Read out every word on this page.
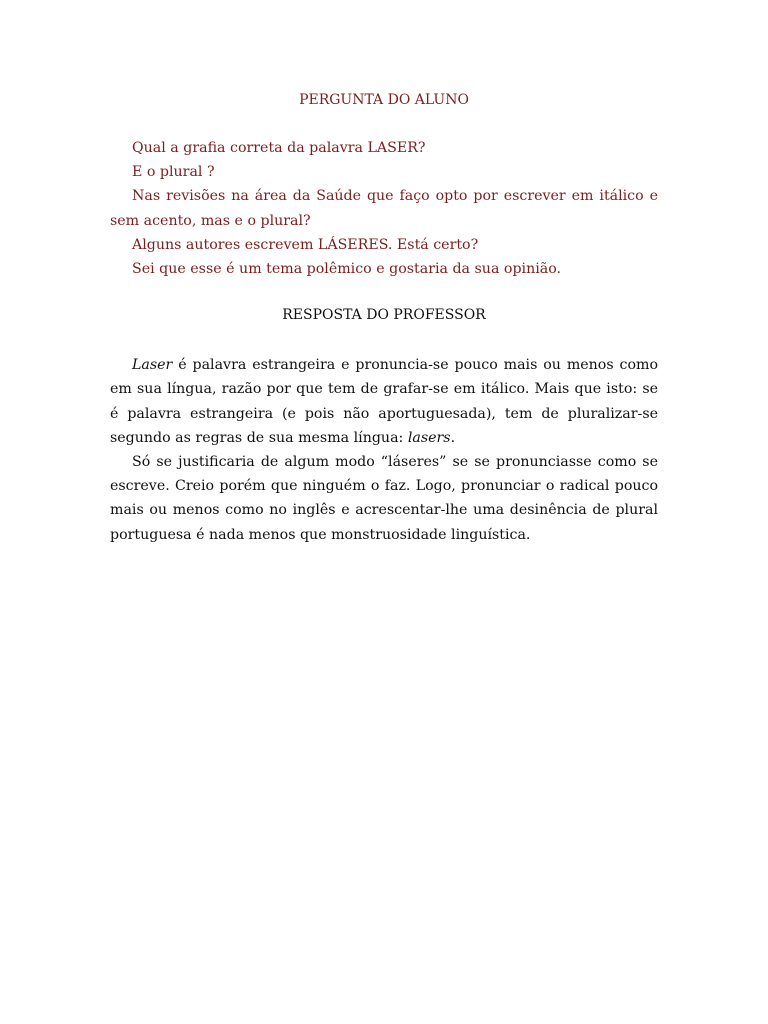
PERGUNTA DO ALUNO

Qual a grafia correta da palavra LASER?

E o plural ?

Nas revisões na área da Saúde que faço opto por escrever em itálico e sem acento, mas e o plural?

Alguns autores escrevem LÁSERES. Está certo?

Sei que esse é um tema polêmico e gostaria da sua opinião.

RESPOSTA DO PROFESSOR

Laser é palavra estrangeira e pronuncia-se pouco mais ou menos como em sua língua, razão por que tem de grafar-se em itálico. Mais que isto: se é palavra estrangeira (e pois não aportuguesada), tem de pluralizar-se segundo as regras de sua mesma língua: lasers.

Só se justificaria de algum modo “láseres” se se pronunciasse como se escreve. Creio porém que ninguém o faz. Logo, pronunciar o radical pouco mais ou menos como no inglês e acrescentar-lhe uma desinência de plural portuguesa é nada menos que monstruosidade linguística.
